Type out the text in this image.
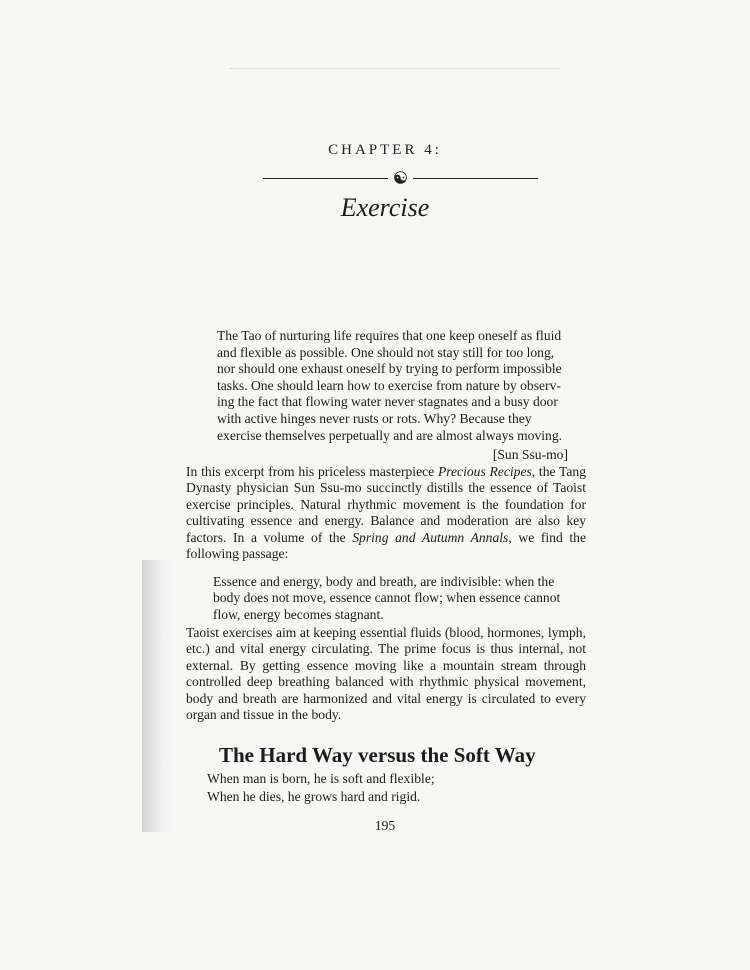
CHAPTER 4:
Exercise
The Tao of nurturing life requires that one keep oneself as fluid
and flexible as possible. One should not stay still for too long,
nor should one exhaust oneself by trying to perform impossible
tasks. One should learn how to exercise from nature by observ-
ing the fact that flowing water never stagnates and a busy door
with active hinges never rusts or rots. Why? Because they
exercise themselves perpetually and are almost always moving.
[Sun Ssu-mo]

In this excerpt from his priceless masterpiece Precious Recipes, the Tang Dynasty physician Sun Ssu-mo succinctly distills the essence of Taoist exercise principles. Natural rhythmic movement is the foundation for cultivating essence and energy. Balance and moderation are also key factors. In a volume of the Spring and Autumn Annals, we find the following passage:

Essence and energy, body and breath, are indivisible: when the body does not move, essence cannot flow; when essence cannot flow, energy becomes stagnant.

Taoist exercises aim at keeping essential fluids (blood, hormones, lymph, etc.) and vital energy circulating. The prime focus is thus internal, not external. By getting essence moving like a mountain stream through controlled deep breathing balanced with rhythmic physical movement, body and breath are harmonized and vital energy is circulated to every organ and tissue in the body.

The Hard Way versus the Soft Way
When man is born, he is soft and flexible;
When he dies, he grows hard and rigid.
195
